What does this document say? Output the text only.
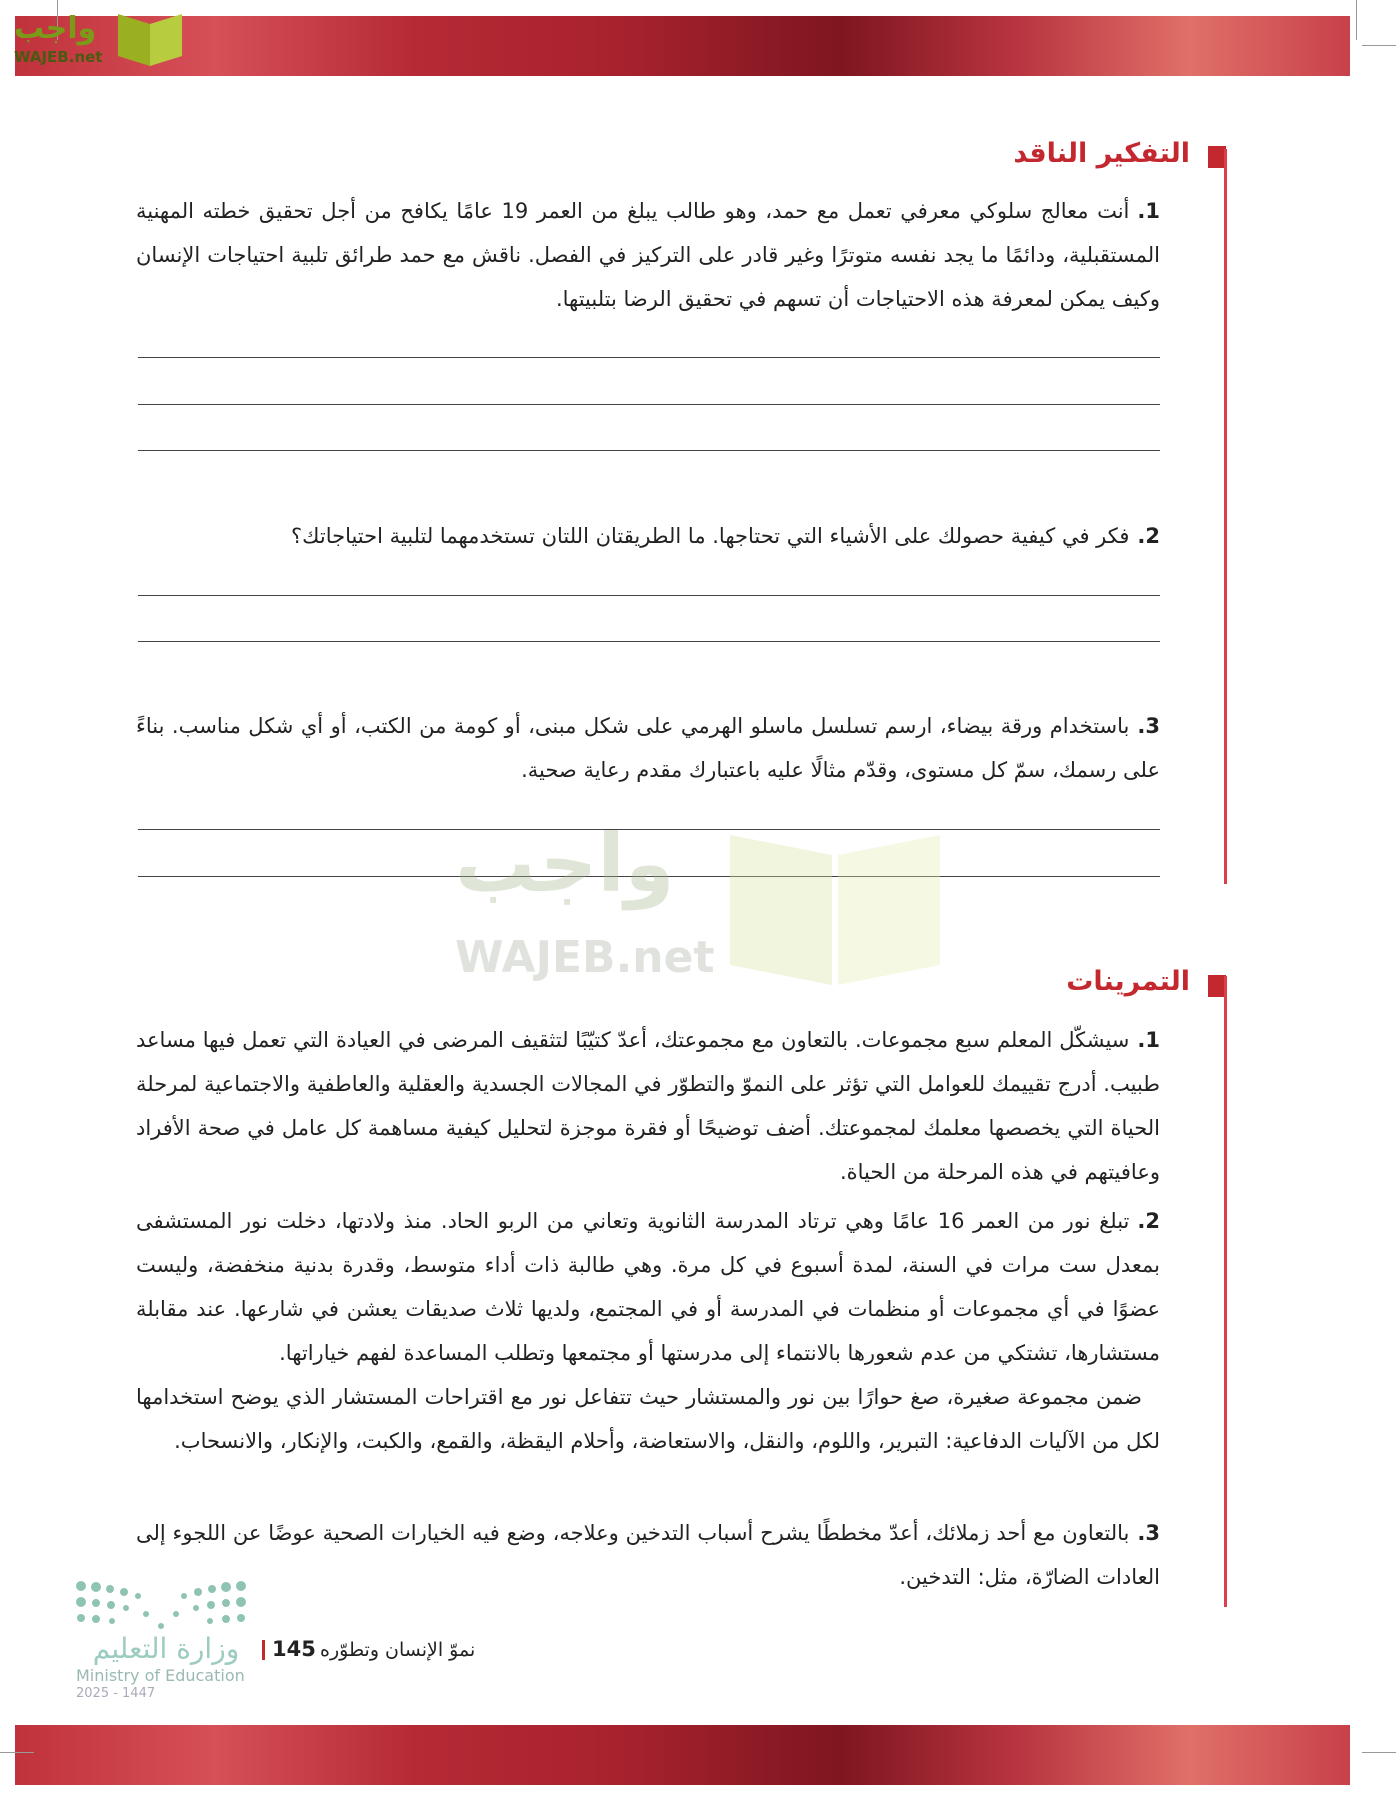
واجب
WAJEB.net
التفكير الناقد
1.أنت معالج سلوكي معرفي تعمل مع حمد، وهو طالب يبلغ من العمر 19 عامًا يكافح من أجل تحقيق خطته المهنية المستقبلية، ودائمًا ما يجد نفسه متوترًا وغير قادر على التركيز في الفصل. ناقش مع حمد طرائق تلبية احتياجات الإنسان وكيف يمكن لمعرفة هذه الاحتياجات أن تسهم في تحقيق الرضا بتلبيتها.
2.فكر في كيفية حصولك على الأشياء التي تحتاجها. ما الطريقتان اللتان تستخدمهما لتلبية احتياجاتك؟
3.باستخدام ورقة بيضاء، ارسم تسلسل ماسلو الهرمي على شكل مبنى، أو كومة من الكتب، أو أي شكل مناسب. بناءً على رسمك، سمّ كل مستوى، وقدّم مثالًا عليه باعتبارك مقدم رعاية صحية.
واجب
WAJEB.net	التمرينات
1.سيشكّل المعلم سبع مجموعات. بالتعاون مع مجموعتك، أعدّ كتيّبًا لتثقيف المرضى في العيادة التي تعمل فيها مساعد طبيب. أدرج تقييمك للعوامل التي تؤثر على النموّ والتطوّر في المجالات الجسدية والعقلية والعاطفية والاجتماعية لمرحلة الحياة التي يخصصها معلمك لمجموعتك. أضف توضيحًا أو فقرة موجزة لتحليل كيفية مساهمة كل عامل في صحة الأفراد وعافيتهم في هذه المرحلة من الحياة.
2.تبلغ نور من العمر 16 عامًا وهي ترتاد المدرسة الثانوية وتعاني من الربو الحاد. منذ ولادتها، دخلت نور المستشفى بمعدل ست مرات في السنة، لمدة أسبوع في كل مرة. وهي طالبة ذات أداء متوسط، وقدرة بدنية منخفضة، وليست عضوًا في أي مجموعات أو منظمات في المدرسة أو في المجتمع، ولديها ثلاث صديقات يعشن في شارعها. عند مقابلة مستشارها، تشتكي من عدم شعورها بالانتماء إلى مدرستها أو مجتمعها وتطلب المساعدة لفهم خياراتها.
ضمن مجموعة صغيرة، صغ حوارًا بين نور والمستشار حيث تتفاعل نور مع اقتراحات المستشار الذي يوضح استخدامها لكل من الآليات الدفاعية: التبرير، واللوم، والنقل، والاستعاضة، وأحلام اليقظة، والقمع، والكبت، والإنكار، والانسحاب.
3.بالتعاون مع أحد زملائك، أعدّ مخططًا يشرح أسباب التدخين وعلاجه، وضع فيه الخيارات الصحية عوضًا عن اللجوء إلى العادات الضارّة، مثل: التدخين.
وزارة التعليم
Ministry of Education
2025 - 1447
145 نموّ الإنسان وتطوّره
